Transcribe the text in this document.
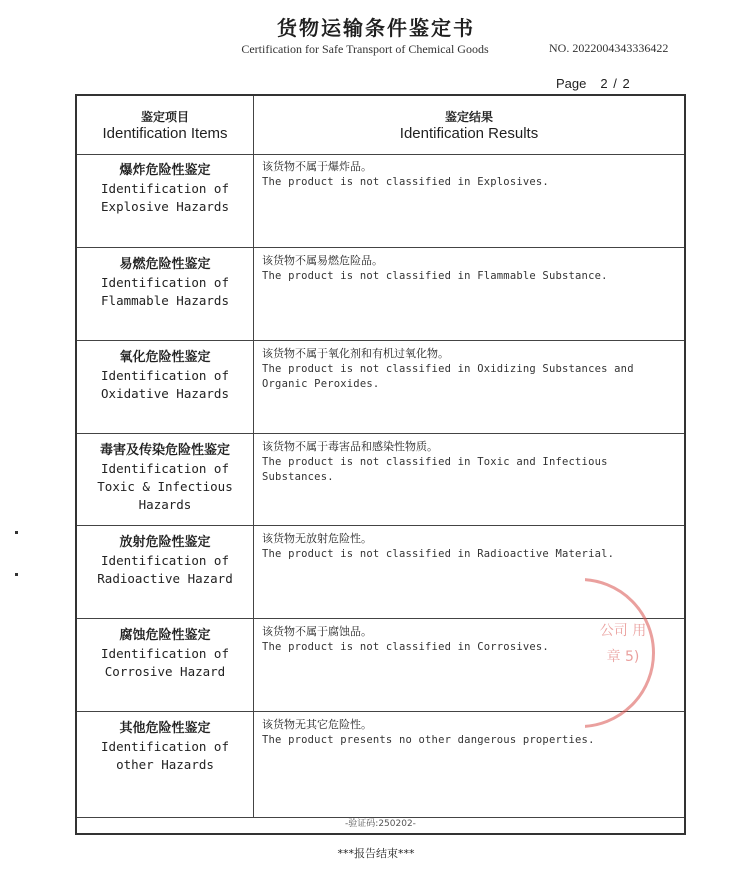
货物运输条件鉴定书
Certification for Safe Transport of Chemical Goods	NO. 2022004343336422
Page 2 / 2
鉴定项目
Identification Items
鉴定结果
Identification Results
爆炸危险性鉴定
Identification of Explosive Hazards
该货物不属于爆炸品。
The product is not classified in Explosives.
易燃危险性鉴定
Identification of Flammable Hazards
该货物不属易燃危险品。
The product is not classified in Flammable Substance.
氧化危险性鉴定
Identification of Oxidative Hazards
该货物不属于氧化剂和有机过氧化物。
The product is not classified in Oxidizing Substances and Organic Peroxides.
毒害及传染危险性鉴定
Identification of Toxic & Infectious Hazards
该货物不属于毒害品和感染性物质。
The product is not classified in Toxic and Infectious Substances.
放射危险性鉴定
Identification of Radioactive Hazard
该货物无放射危险性。
The product is not classified in Radioactive Material.
腐蚀危险性鉴定
Identification of Corrosive Hazard
该货物不属于腐蚀品。
The product is not classified in Corrosives.
其他危险性鉴定
Identification of other Hazards
该货物无其它危险性。
The product presents no other dangerous properties.
-验证码:250202-
公司 用章 5)
***报告结束***
